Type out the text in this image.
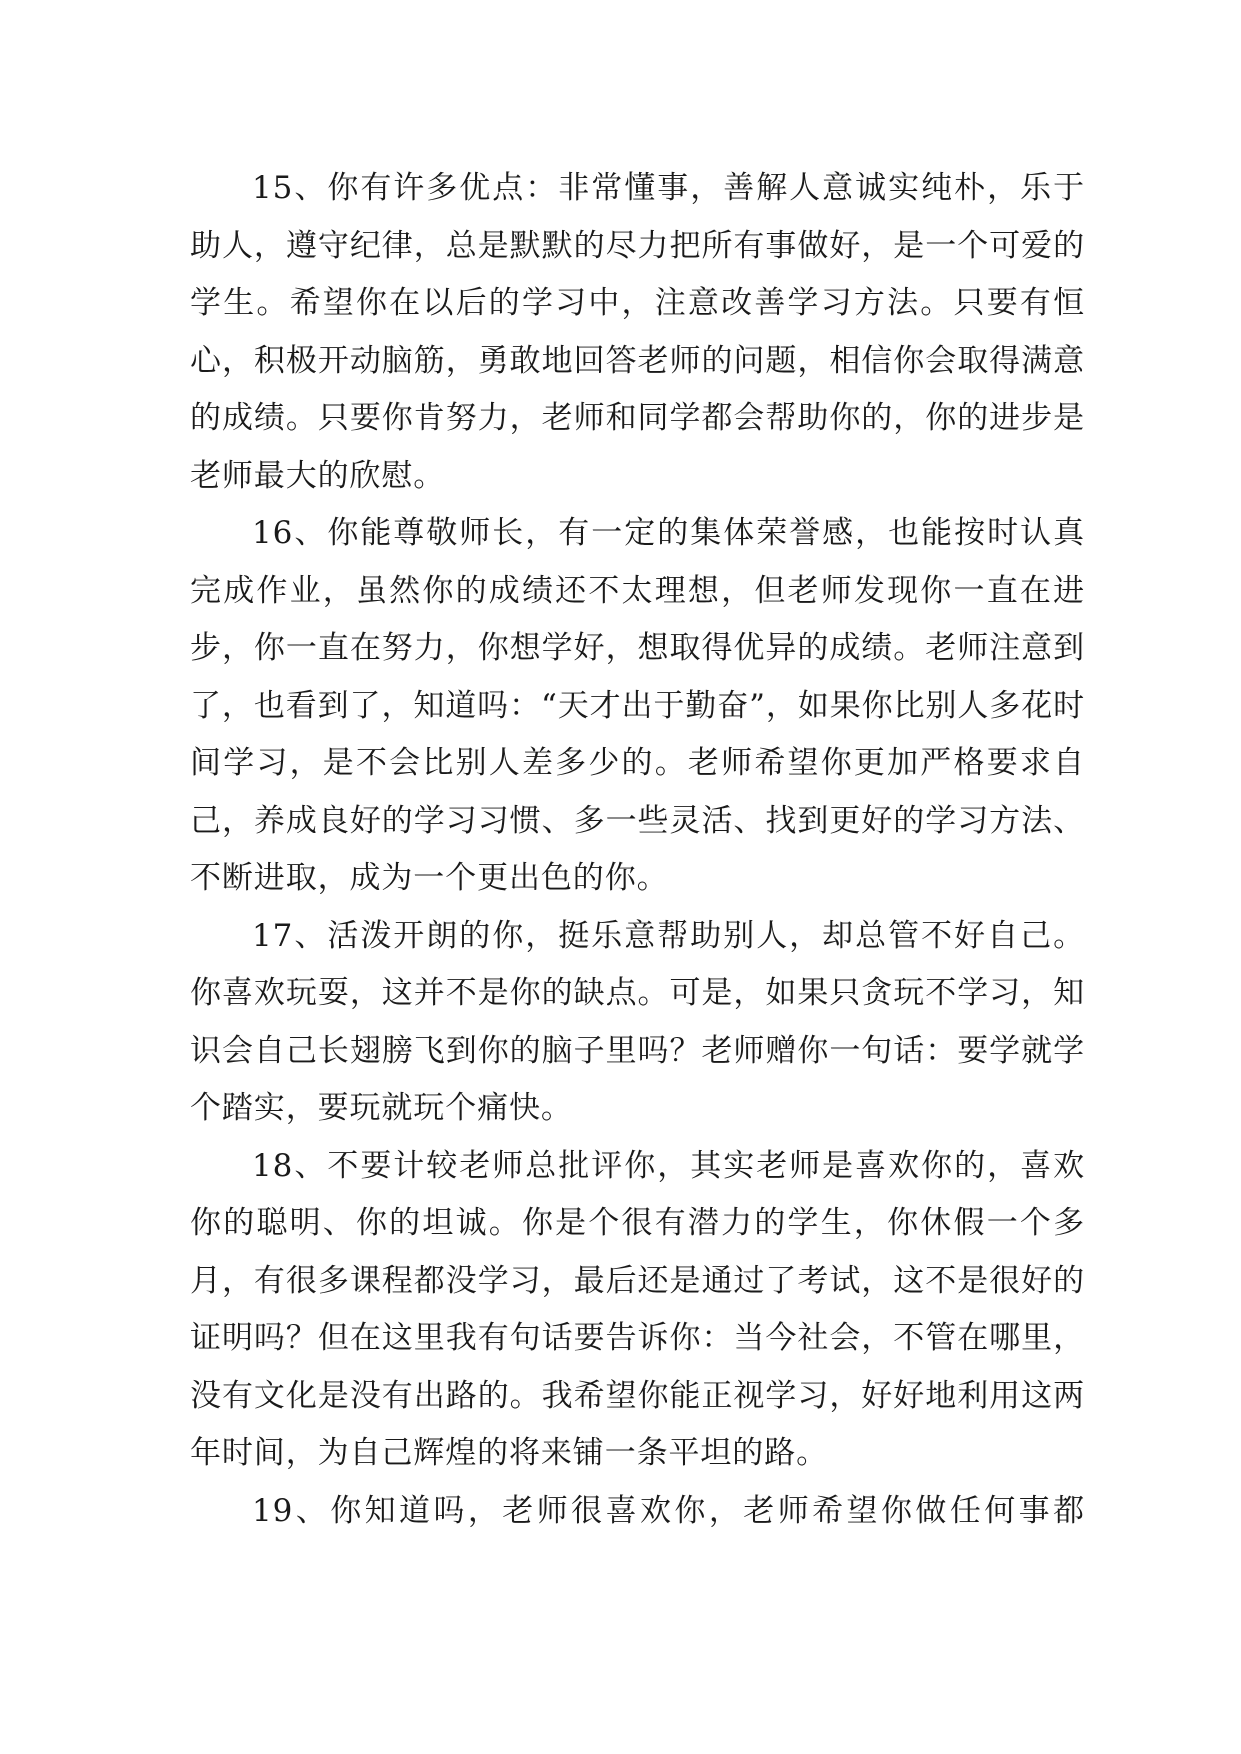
15、你有许多优点：非常懂事，善解人意诚实纯朴，乐于助人，遵守纪律，总是默默的尽力把所有事做好，是一个可爱的学生。希望你在以后的学习中，注意改善学习方法。只要有恒心，积极开动脑筋，勇敢地回答老师的问题，相信你会取得满意的成绩。只要你肯努力，老师和同学都会帮助你的，你的进步是老师最大的欣慰。

16、你能尊敬师长，有一定的集体荣誉感，也能按时认真完成作业，虽然你的成绩还不太理想，但老师发现你一直在进步，你一直在努力，你想学好，想取得优异的成绩。老师注意到了，也看到了，知道吗：“天才出于勤奋”，如果你比别人多花时间学习，是不会比别人差多少的。老师希望你更加严格要求自己，养成良好的学习习惯、多一些灵活、找到更好的学习方法、不断进取，成为一个更出色的你。

17、活泼开朗的你，挺乐意帮助别人，却总管不好自己。你喜欢玩耍，这并不是你的缺点。可是，如果只贪玩不学习，知识会自己长翅膀飞到你的脑子里吗？老师赠你一句话：要学就学个踏实，要玩就玩个痛快。

18、不要计较老师总批评你，其实老师是喜欢你的，喜欢你的聪明、你的坦诚。你是个很有潜力的学生，你休假一个多月，有很多课程都没学习，最后还是通过了考试，这不是很好的证明吗？但在这里我有句话要告诉你：当今社会，不管在哪里，没有文化是没有出路的。我希望你能正视学习，好好地利用这两年时间，为自己辉煌的将来铺一条平坦的路。

19、你知道吗，老师很喜欢你，老师希望你做任何事都
